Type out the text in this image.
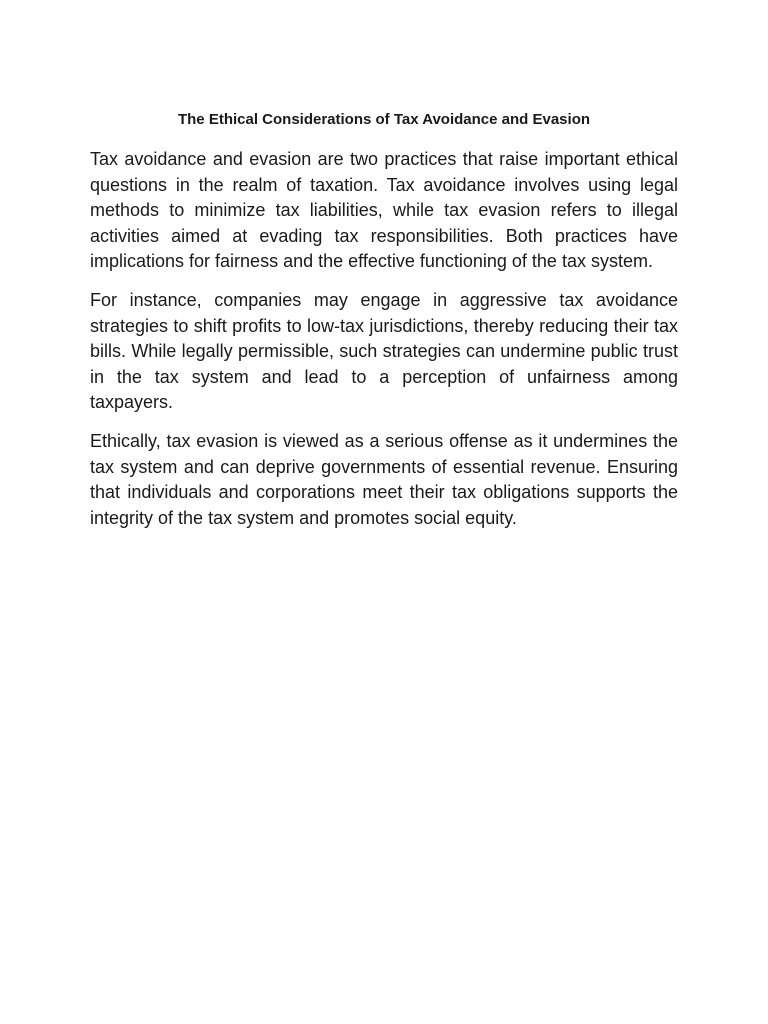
The Ethical Considerations of Tax Avoidance and Evasion

Tax avoidance and evasion are two practices that raise important ethical questions in the realm of taxation. Tax avoidance involves using legal methods to minimize tax liabilities, while tax evasion refers to illegal activities aimed at evading tax responsibilities. Both practices have implications for fairness and the effective functioning of the tax system.

For instance, companies may engage in aggressive tax avoidance strategies to shift profits to low-tax jurisdictions, thereby reducing their tax bills. While legally permissible, such strategies can undermine public trust in the tax system and lead to a perception of unfairness among taxpayers.

Ethically, tax evasion is viewed as a serious offense as it undermines the tax system and can deprive governments of essential revenue. Ensuring that individuals and corporations meet their tax obligations supports the integrity of the tax system and promotes social equity.
